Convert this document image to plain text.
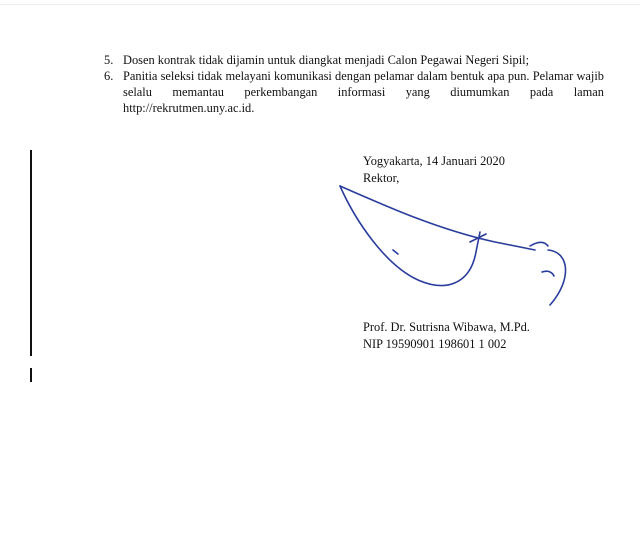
5. Dosen kontrak tidak dijamin untuk diangkat menjadi Calon Pegawai Negeri Sipil;
6. Panitia seleksi tidak melayani komunikasi dengan pelamar dalam bentuk apa pun. Pelamar wajib selalu memantau perkembangan informasi yang diumumkan pada laman http://rekrutmen.uny.ac.id.
Yogyakarta, 14 Januari 2020
Rektor,
Prof. Dr. Sutrisna Wibawa, M.Pd.
NIP 19590901 198601 1 002
